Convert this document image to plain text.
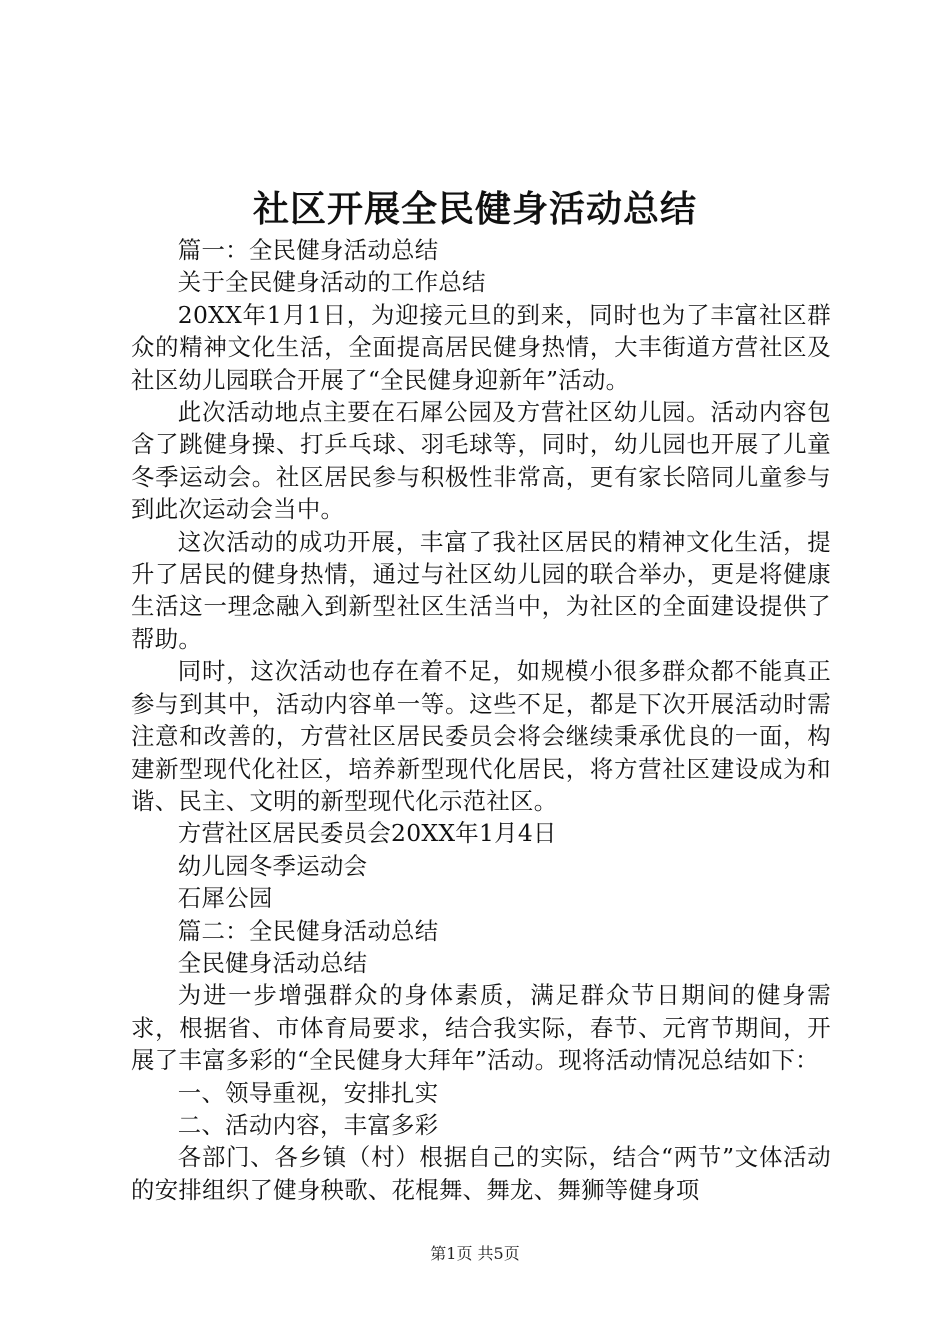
社区开展全民健身活动总结

篇一：全民健身活动总结

关于全民健身活动的工作总结

20XX年1月1日，为迎接元旦的到来，同时也为了丰富社区群众的精神文化生活，全面提高居民健身热情，大丰街道方营社区及社区幼儿园联合开展了“全民健身迎新年”活动。

此次活动地点主要在石犀公园及方营社区幼儿园。活动内容包含了跳健身操、打乒乓球、羽毛球等，同时，幼儿园也开展了儿童冬季运动会。社区居民参与积极性非常高，更有家长陪同儿童参与到此次运动会当中。

这次活动的成功开展，丰富了我社区居民的精神文化生活，提升了居民的健身热情，通过与社区幼儿园的联合举办，更是将健康生活这一理念融入到新型社区生活当中，为社区的全面建设提供了帮助。

同时，这次活动也存在着不足，如规模小很多群众都不能真正参与到其中，活动内容单一等。这些不足，都是下次开展活动时需注意和改善的，方营社区居民委员会将会继续秉承优良的一面，构建新型现代化社区，培养新型现代化居民，将方营社区建设成为和谐、民主、文明的新型现代化示范社区。

方营社区居民委员会20XX年1月4日

幼儿园冬季运动会

石犀公园

篇二：全民健身活动总结

全民健身活动总结

为进一步增强群众的身体素质，满足群众节日期间的健身需求，根据省、市体育局要求，结合我实际，春节、元宵节期间，开展了丰富多彩的“全民健身大拜年”活动。现将活动情况总结如下：

一、领导重视，安排扎实

二、活动内容，丰富多彩

各部门、各乡镇（村）根据自己的实际，结合“两节”文体活动的安排组织了健身秧歌、花棍舞、舞龙、舞狮等健身项

第1页 共5页
